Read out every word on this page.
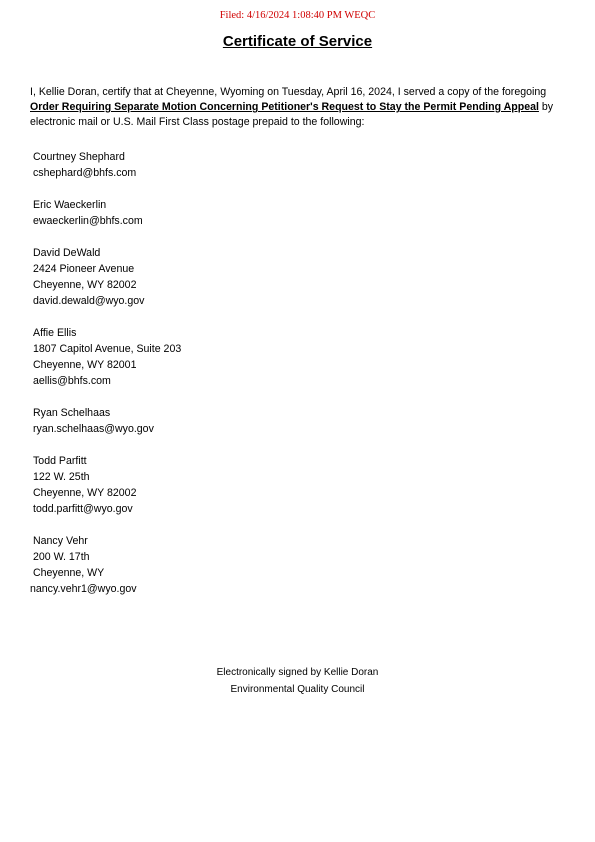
Filed: 4/16/2024 1:08:40 PM WEQC
Certificate of Service
I, Kellie Doran, certify that at Cheyenne, Wyoming on Tuesday, April 16, 2024, I served a copy of the foregoing Order Requiring Separate Motion Concerning Petitioner's Request to Stay the Permit Pending Appeal by electronic mail or U.S. Mail First Class postage prepaid to the following:
Courtney Shephard
cshephard@bhfs.com
Eric Waeckerlin
ewaeckerlin@bhfs.com
David DeWald
2424 Pioneer Avenue
Cheyenne, WY 82002
david.dewald@wyo.gov
Affie Ellis
1807 Capitol Avenue, Suite 203
Cheyenne, WY 82001
aellis@bhfs.com
Ryan Schelhaas
ryan.schelhaas@wyo.gov
Todd Parfitt
122 W. 25th
Cheyenne, WY 82002
todd.parfitt@wyo.gov
Nancy Vehr
200 W. 17th
Cheyenne, WY
nancy.vehr1@wyo.gov
Electronically signed by Kellie Doran
Environmental Quality Council
